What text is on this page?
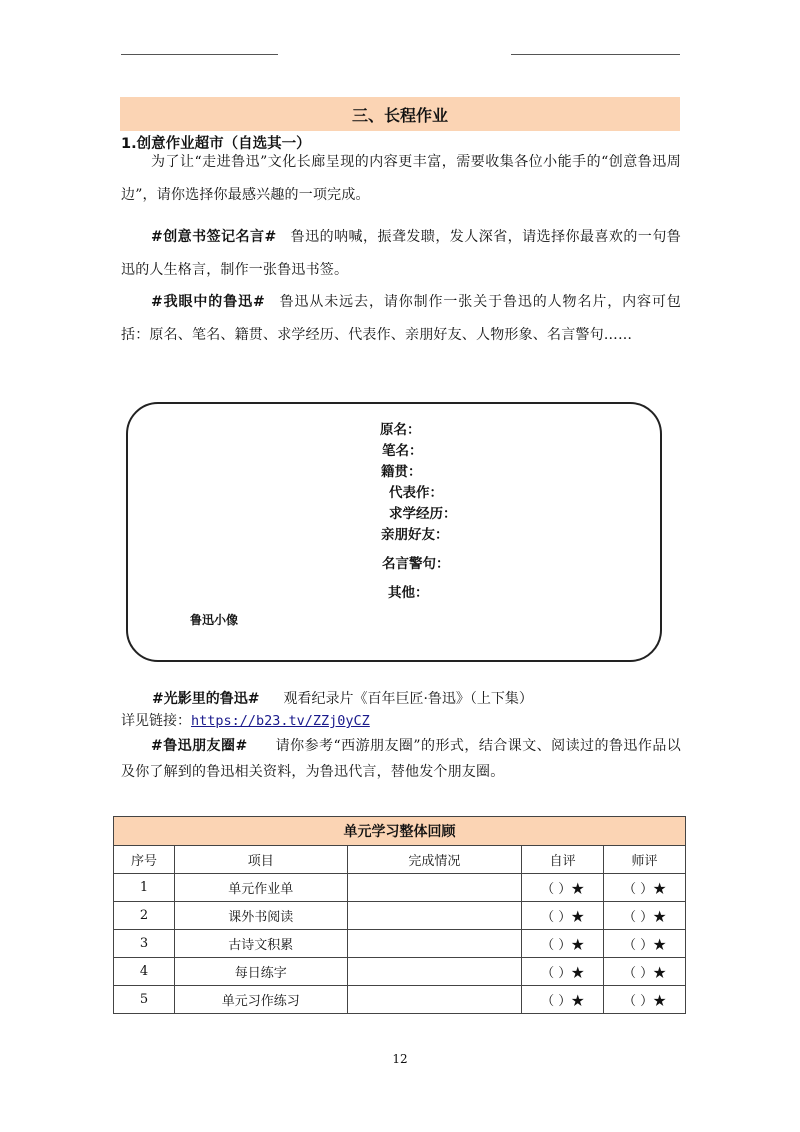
三、长程作业
1.创意作业超市（自选其一）

为了让“走进鲁迅”文化长廊呈现的内容更丰富，需要收集各位小能手的“创意鲁迅周边”，请你选择你最感兴趣的一项完成。

#创意书签记名言# 鲁迅的呐喊，振聋发聩，发人深省，请选择你最喜欢的一句鲁迅的人生格言，制作一张鲁迅书签。

#我眼中的鲁迅# 鲁迅从未远去，请你制作一张关于鲁迅的人物名片，内容可包括：原名、笔名、籍贯、求学经历、代表作、亲朋好友、人物形象、名言警句……

原名：
笔名：
籍贯：
代表作：
求学经历：
亲朋好友：
名言警句：
其他：
鲁迅小像
#光影里的鲁迅# 观看纪录片《百年巨匠·鲁迅》（上下集）
详见链接：https://b23.tv/ZZj0yCZ

#鲁迅朋友圈# 请你参考“西游朋友圈”的形式，结合课文、阅读过的鲁迅作品以及你了解到的鲁迅相关资料，为鲁迅代言，替他发个朋友圈。

单元学习整体回顾				
序号	项目	完成情况	自评	师评
1	单元作业单		（ ）★	（ ）★
2	课外书阅读		（ ）★	（ ）★
3	古诗文积累		（ ）★	（ ）★
4	每日练字		（ ）★	（ ）★
5	单元习作练习		（ ）★	（ ）★
12
